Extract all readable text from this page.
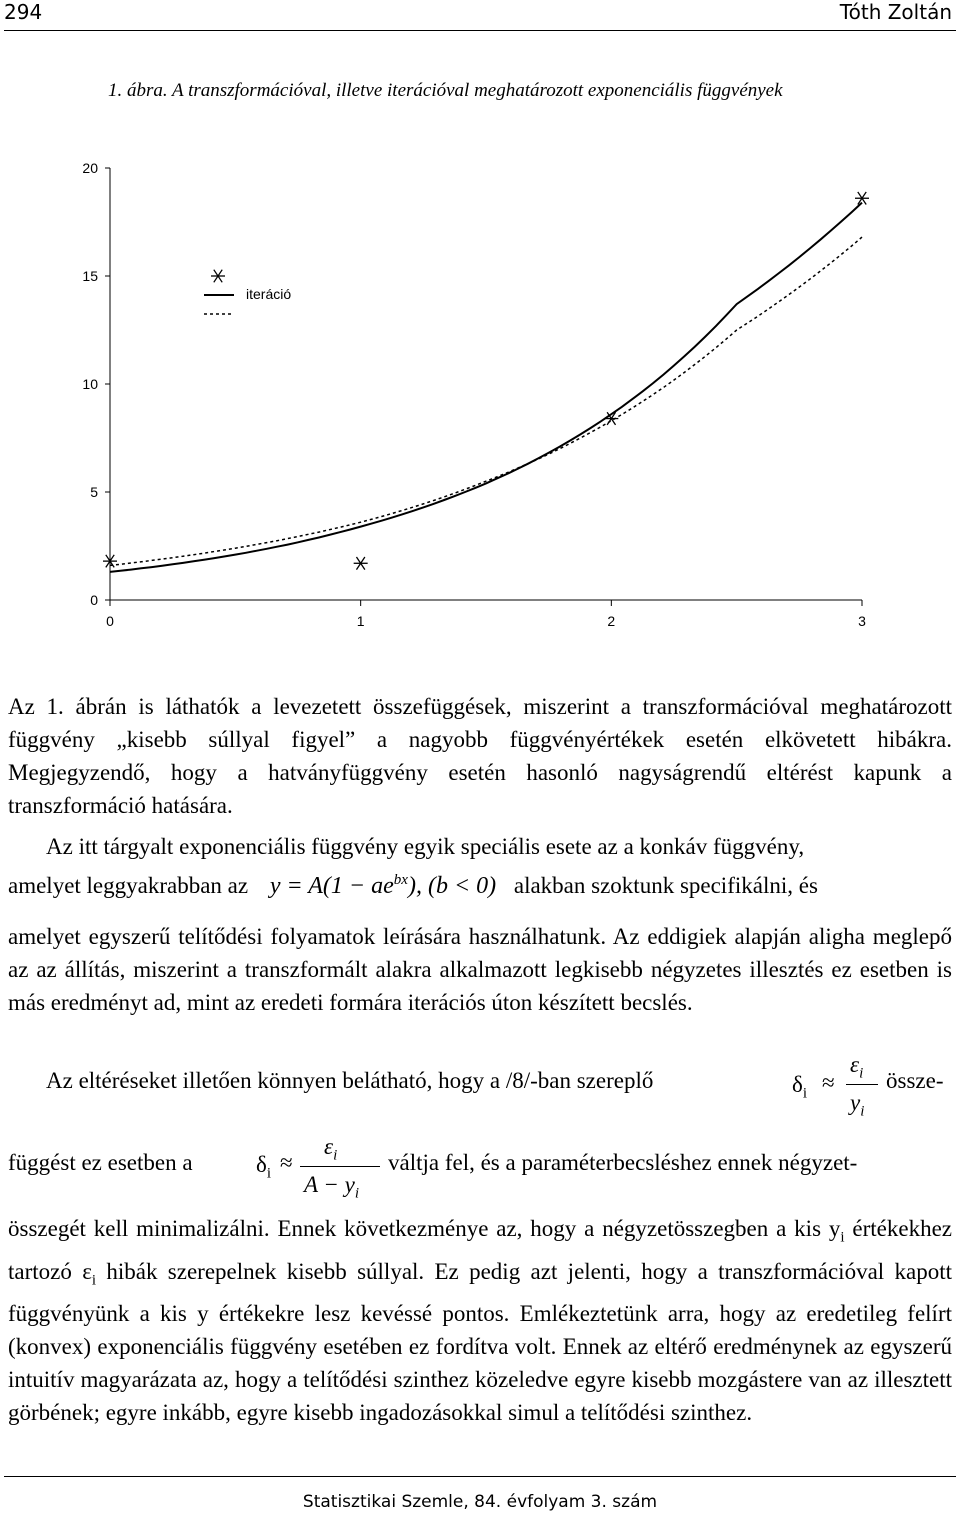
294	Tóth Zoltán
1. ábra. A transzformációval, illetve iterációval meghatározott exponenciális függvények
0
5
10
15
20
0	1	2	3
iteráció
Az 1. ábrán is láthatók a levezetett összefüggések, miszerint a transzformációval meghatározott függvény „kisebb súllyal figyel” a nagyobb függvényértékek esetén elkövetett hibákra. Megjegyzendő, hogy a hatványfüggvény esetén hasonló nagyságrendű eltérést kapunk a transzformáció hatására.
Az itt tárgyalt exponenciális függvény egyik speciális esete az a konkáv függvény,
amelyet leggyakrabban az $y = A(1 - ae^{bx})$, (b < 0) alakban szoktunk specifikálni, és
amelyet egyszerű telítődési folyamatok leírására használhatunk. Az eddigiek alapján aligha meglepő az az állítás, miszerint a transzformált alakra alkalmazott legkisebb négyzetes illesztés ez esetben is más eredményt ad, mint az eredeti formára iterációs úton készített becslés.
Az eltéréseket illetően könnyen belátható, hogy a /8/-ban szereplő	$\delta_i$ ≈
$\varepsilon_i$
$y_i$
össze-
függést ez esetben a	$\delta_i$ ≈
$\varepsilon_i$
$A - y_i$
váltja fel, és a paraméterbecsléshez ennek négyzet-
összegét kell minimalizálni. Ennek következménye az, hogy a négyzetösszegben a kis $y_i$ értékekhez tartozó $\varepsilon_i$ hibák szerepelnek kisebb súllyal. Ez pedig azt jelenti, hogy a transzformációval kapott függvényünk a kis y értékekre lesz kevéssé pontos. Emlékeztetünk arra, hogy az eredetileg felírt (konvex) exponenciális függvény esetében ez fordítva volt. Ennek az eltérő eredménynek az egyszerű intuitív magyarázata az, hogy a telítődési szinthez közeledve egyre kisebb mozgástere van az illesztett görbének; egyre inkább, egyre kisebb ingadozásokkal simul a telítődési szinthez.
Statisztikai Szemle, 84. évfolyam 3. szám
